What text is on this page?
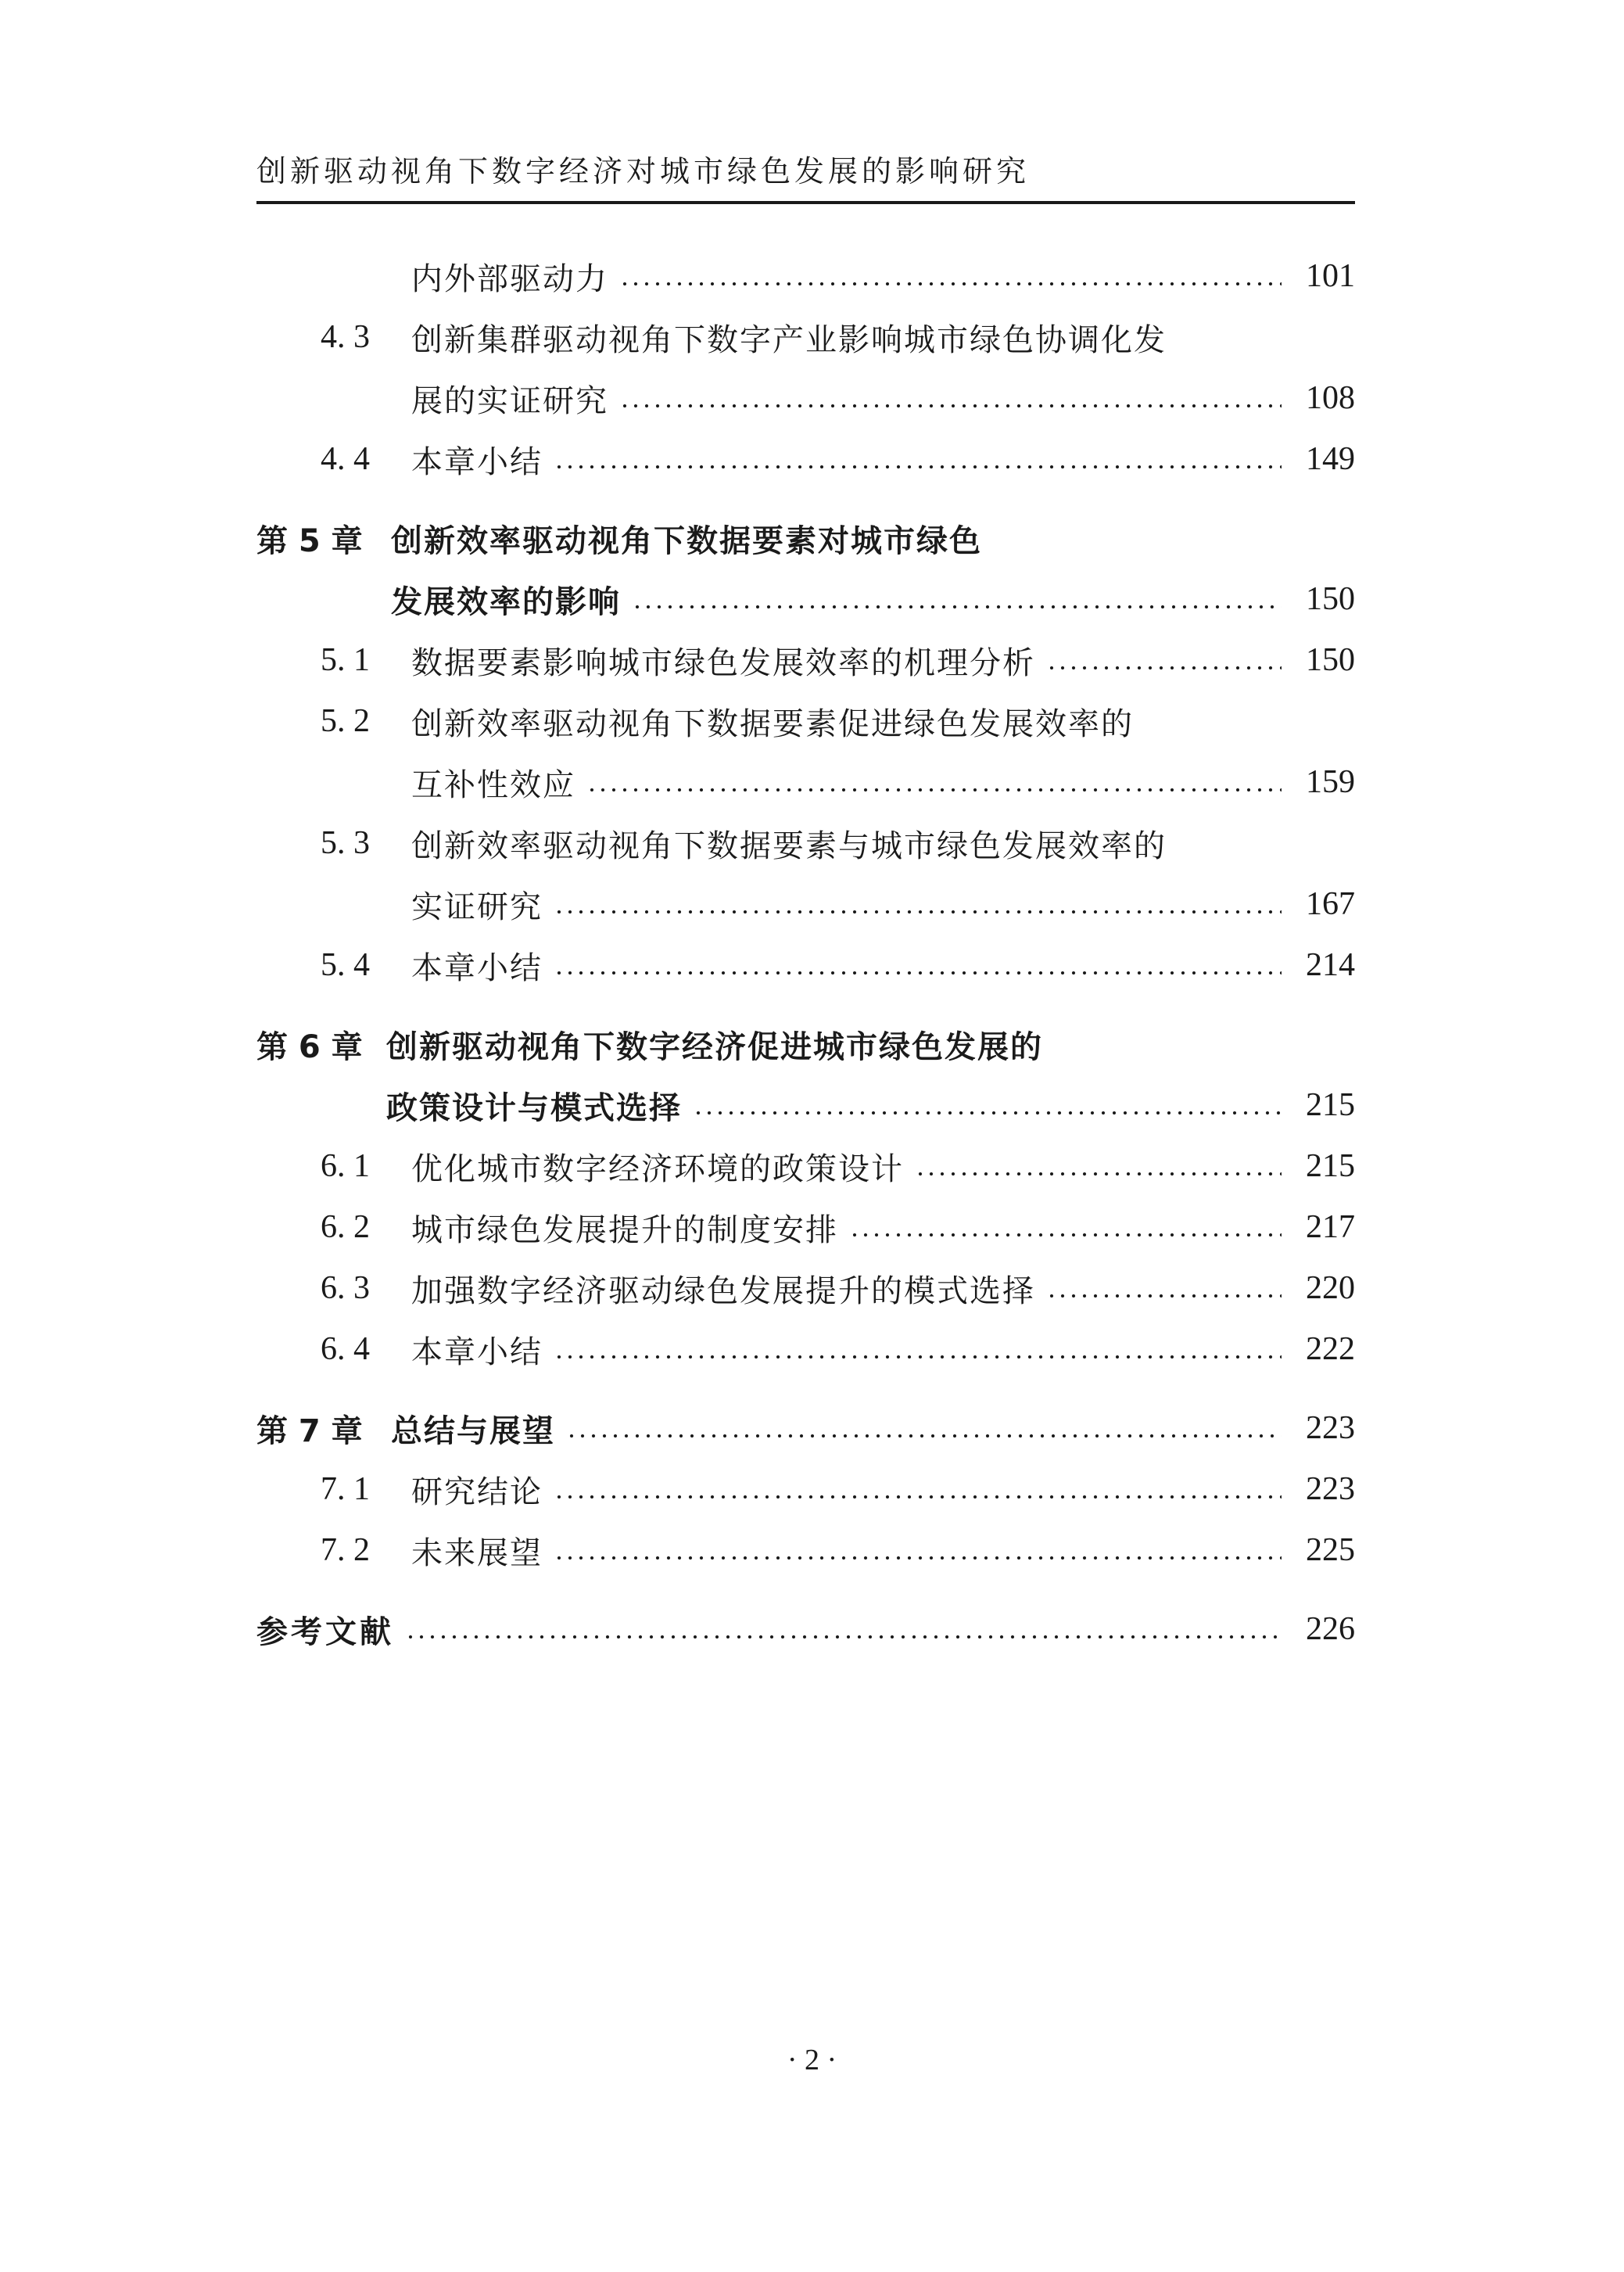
创新驱动视角下数字经济对城市绿色发展的影响研究
内外部驱动力	101
4. 3	创新集群驱动视角下数字产业影响城市绿色协调化发
展的实证研究	108
4. 4	本章小结	149
第 5 章 创新效率驱动视角下数据要素对城市绿色
发展效率的影响	150
5. 1	数据要素影响城市绿色发展效率的机理分析	150
5. 2	创新效率驱动视角下数据要素促进绿色发展效率的
互补性效应	159
5. 3	创新效率驱动视角下数据要素与城市绿色发展效率的
实证研究	167
5. 4	本章小结	214
第 6 章 创新驱动视角下数字经济促进城市绿色发展的
政策设计与模式选择	215
6. 1	优化城市数字经济环境的政策设计	215
6. 2	城市绿色发展提升的制度安排	217
6. 3	加强数字经济驱动绿色发展提升的模式选择	220
6. 4	本章小结	222
第 7 章 总结与展望	223
7. 1	研究结论	223
7. 2	未来展望	225
参考文献	226
· 2 ·
